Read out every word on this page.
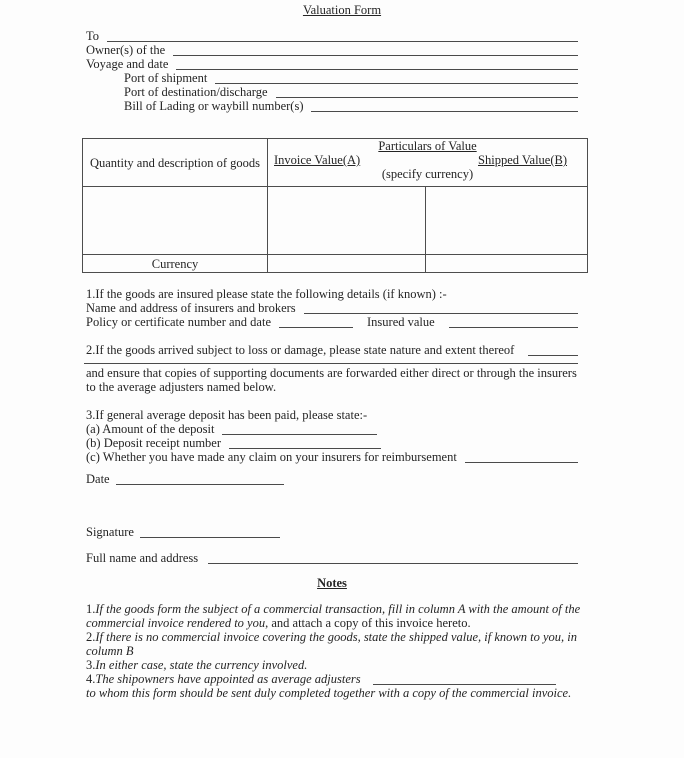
Valuation Form
To
Owner(s) of the
Voyage and date
Port of shipment
Port of destination/discharge
Bill of Lading or waybill number(s)
Quantity and description of goods	Particulars of Value
Invoice Value(A) Shipped Value(B)
(specify currency)	

Currency		
1.If the goods are insured please state the following details (if known) :-
Name and address of insurers and brokers
Policy or certificate number and date	Insured value
2.If the goods arrived subject to loss or damage, please state nature and extent thereof
and ensure that copies of supporting documents are forwarded either direct or through the insurers
to the average adjusters named below.
3.If general average deposit has been paid, please state:-
(a) Amount of the deposit
(b) Deposit receipt number
(c) Whether you have made any claim on your insurers for reimbursement
Date
Signature
Full name and address
Notes

1.If the goods form the subject of a commercial transaction, fill in column A with the amount of the commercial invoice rendered to you, and attach a copy of this invoice hereto.

2.If there is no commercial invoice covering the goods, state the shipped value, if known to you, in column B

3.In either case, state the currency involved.

4.The shipowners have appointed as average adjusters

to whom this form should be sent duly completed together with a copy of the commercial invoice.
